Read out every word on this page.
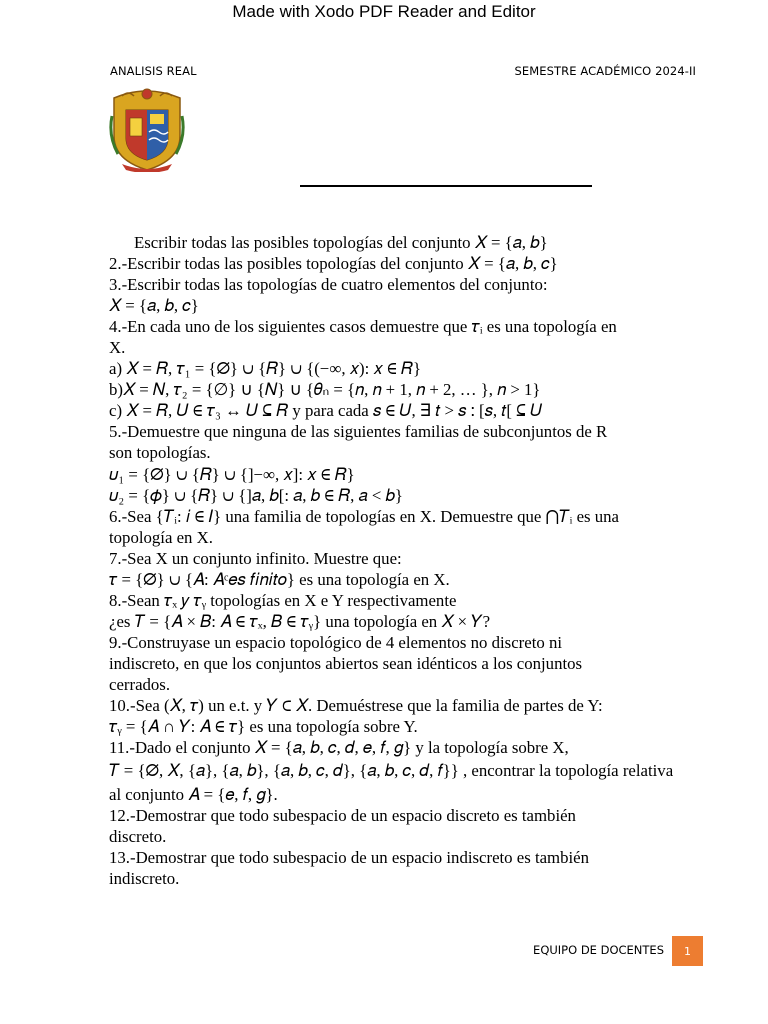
Made with Xodo PDF Reader and Editor
ANALISIS REAL	SEMESTRE ACADÉMICO 2024-II
Escribir todas las posibles topologías del conjunto 𝑋 = {𝑎, 𝑏}
2.-Escribir todas las posibles topologías del conjunto 𝑋 = {𝑎, 𝑏, 𝑐}
3.-Escribir todas las topologías de cuatro elementos del conjunto:
𝑋 = {𝑎, 𝑏, 𝑐}
4.-En cada uno de los siguientes casos demuestre que 𝜏ᵢ es una topología en
X.
a) 𝑋 = 𝑅, 𝜏₁ = {∅} ∪ {𝑅} ∪ {(−∞, 𝑥): 𝑥 ∈ 𝑅}
b)𝑋 = 𝑁, 𝜏₂ = {∅} ∪ {𝑁} ∪ {𝜃ₙ = {𝑛, 𝑛 + 1, 𝑛 + 2, … }, 𝑛 > 1}
c) 𝑋 = 𝑅, 𝑈 ∈ 𝜏₃ ↔ 𝑈 ⊆ 𝑅 y para cada 𝑠 ∈ 𝑈, ∃ 𝑡 > 𝑠 ∶ [𝑠, 𝑡[ ⊆ 𝑈
5.-Demuestre que ninguna de las siguientes familias de subconjuntos de R
son topologías.
𝜐₁ = {∅} ∪ {𝑅} ∪ {]−∞, 𝑥]: 𝑥 ∈ 𝑅}
𝜐₂ = {𝜙} ∪ {𝑅} ∪ {]𝑎, 𝑏[: 𝑎, 𝑏 ∈ 𝑅, 𝑎 < 𝑏}
6.-Sea {𝑇ᵢ: 𝑖 ∈ 𝐼} una familia de topologías en X. Demuestre que ⋂𝑇ᵢ es una
topología en X.
7.-Sea X un conjunto infinito. Muestre que:
𝜏 = {∅} ∪ {𝐴: 𝐴ᶜ𝑒𝑠 𝑓𝑖𝑛𝑖𝑡𝑜} es una topología en X.
8.-Sean 𝜏ₓ 𝑦 𝜏ᵧ topologías en X e Y respectivamente
¿es 𝑇 = {𝐴 × 𝐵: 𝐴 ∈ 𝜏ₓ, 𝐵 ∈ 𝜏ᵧ} una topología en 𝑋 × 𝑌?
9.-Construyase un espacio topológico de 4 elementos no discreto ni
indiscreto, en que los conjuntos abiertos sean idénticos a los conjuntos
cerrados.
10.-Sea (𝑋, 𝜏) un e.t. y 𝑌 ⊂ 𝑋. Demuéstrese que la familia de partes de Y:
𝜏ᵧ = {𝐴 ∩ 𝑌: 𝐴 ∈ 𝜏} es una topología sobre Y.
11.-Dado el conjunto 𝑋 = {𝑎, 𝑏, 𝑐, 𝑑, 𝑒, 𝑓, 𝑔} y la topología sobre X,
𝑇 = {∅, 𝑋, {𝑎}, {𝑎, 𝑏}, {𝑎, 𝑏, 𝑐, 𝑑}, {𝑎, 𝑏, 𝑐, 𝑑, 𝑓}} , encontrar la topología relativa
al conjunto 𝐴 = {𝑒, 𝑓, 𝑔}.
12.-Demostrar que todo subespacio de un espacio discreto es también
discreto.
13.-Demostrar que todo subespacio de un espacio indiscreto es también
indiscreto.
EQUIPO DE DOCENTES	1
